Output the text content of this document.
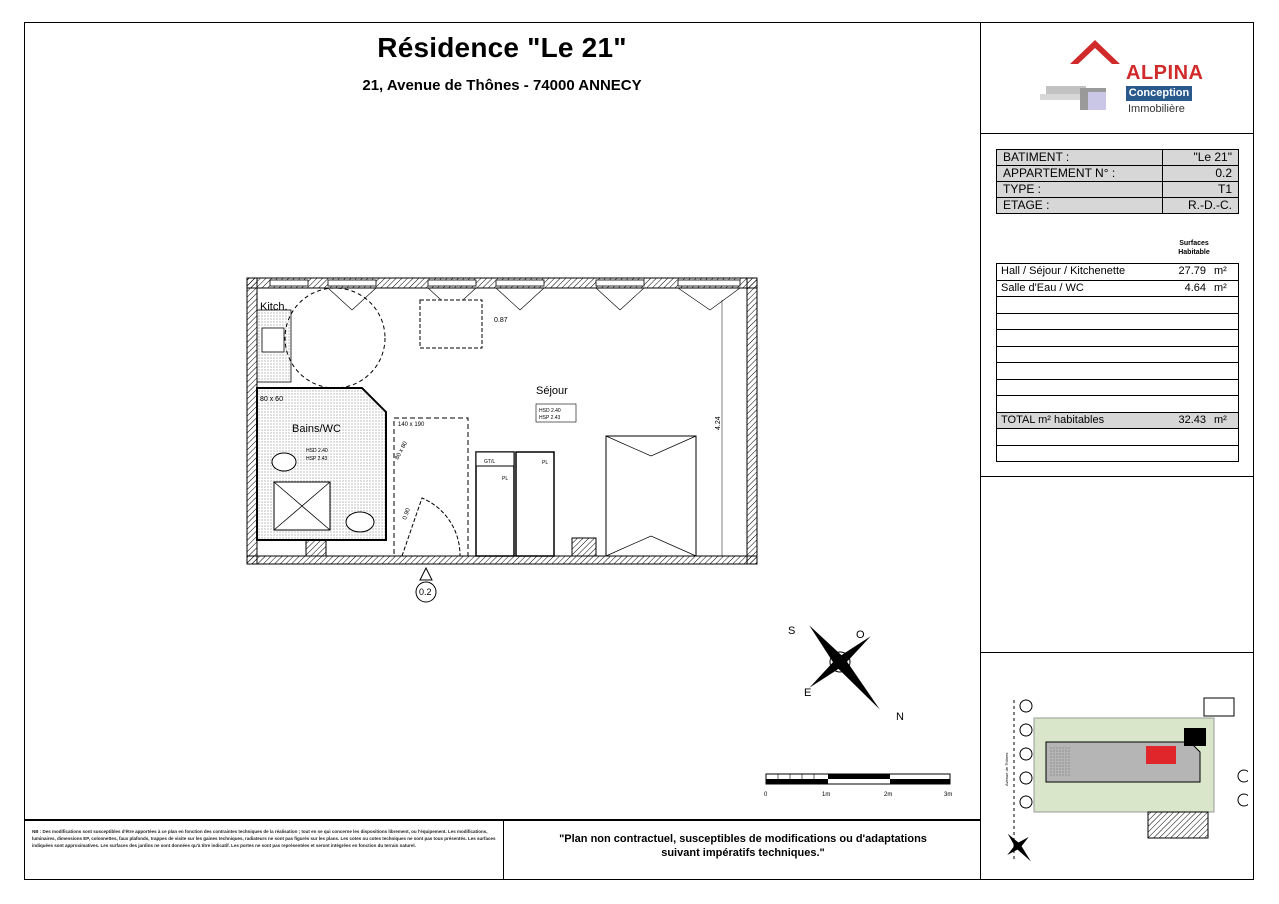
Résidence "Le 21"
21, Avenue de Thônes - 74000 ANNECY
ALPINA
Conception
Immobilière
BATIMENT :	"Le 21"
APPARTEMENT N° :	0.2
TYPE :	T1
ETAGE :	R.-D.-C.
Surfaces Habitable
Hall / Séjour / Kitchenette	27.79	m²
Salle d'Eau / WC	4.64	m²

TOTAL m² habitables	32.43	m²

Kitch.
0.87
80 x 60
Bains/WC
HSD 2.40
HSP 2.43
140 x 190
80 x 80
0.90
GT/L
PL
PL
Séjour
HSD 2.40
HSP 2.43	4.24
0.2
S	O
E
N
0	1m	2m	3m
Avenue de Thônes
NB : Des modifications sont susceptibles d'être apportées à ce plan en fonction des contraintes techniques de la réalisation ; tout en se qui concerne les dispositions librement, ou l'équipement. Les modifications, luminaires, dimensions EP, colonnettes, faux plafonds, trappes de visite sur les gaines techniques, radiateurs ne sont pas figurés sur les plans. Les cotes ou cotes techniques ne sont pas tous présentés. Les surfaces indiquées sont approximatives. Les surfaces des jardins ne sont données qu'à titre indicatif. Les portes ne sont pas représentées et seront intégrées en fonction du terrain naturel.
"Plan non contractuel, susceptibles de modifications ou d'adaptations suivant impératifs techniques."
